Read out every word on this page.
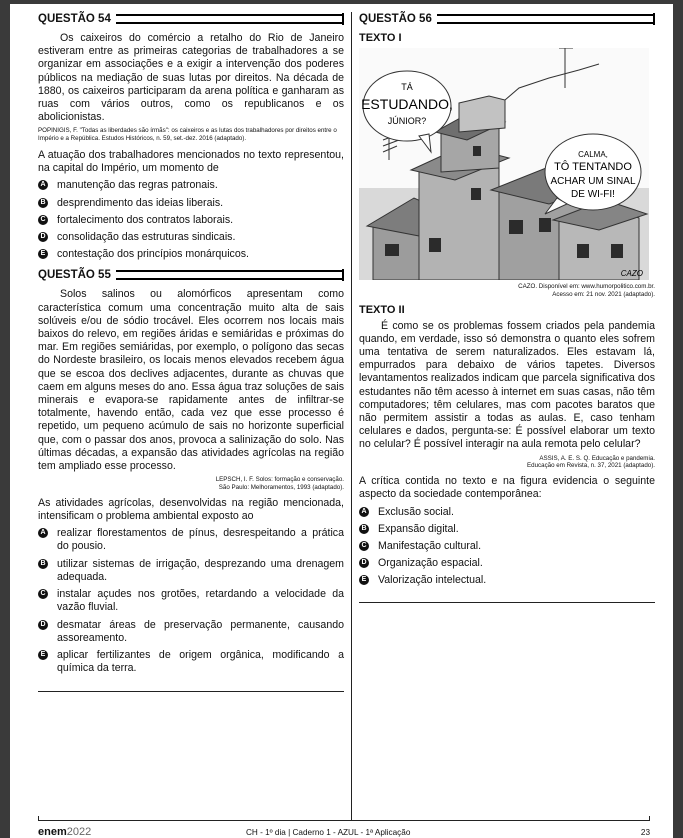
QUESTÃO 54

Os caixeiros do comércio a retalho do Rio de Janeiro estiveram entre as primeiras categorias de trabalhadores a se organizar em associações e a exigir a intervenção dos poderes públicos na mediação de suas lutas por direitos. Na década de 1880, os caixeiros participaram da arena política e ganharam as ruas com vários outros, como os republicanos e os abolicionistas.

POPINIGIS, F. "Todas as liberdades são írmãs": os caixeiros e as lutas dos trabalhadores por direitos entre o Império e a República. Estudos Históricos, n. 59, set.-dez. 2016 (adaptado).

A atuação dos trabalhadores mencionados no texto representou, na capital do Império, um momento de

A manutenção das regras patronais.
B desprendimento das ideias liberais.
C fortalecimento dos contratos laborais.
D consolidação das estruturas sindicais.
E contestação dos princípios monárquicos.
QUESTÃO 55

Solos salinos ou alomórficos apresentam como característica comum uma concentração muito alta de sais solúveis e/ou de sódio trocável. Eles ocorrem nos locais mais baixos do relevo, em regiões áridas e semiáridas e próximas do mar. Em regiões semiáridas, por exemplo, o polígono das secas do Nordeste brasileiro, os locais menos elevados recebem água que se escoa dos declives adjacentes, durante as chuvas que caem em alguns meses do ano. Essa água traz soluções de sais minerais e evapora-se rapidamente antes de infiltrar-se totalmente, havendo então, cada vez que esse processo é repetido, um pequeno acúmulo de sais no horizonte superficial que, com o passar dos anos, provoca a salinização do solo. Nas últimas décadas, a expansão das atividades agrícolas na região tem ampliado esse processo.

LEPSCH, I. F. Solos: formação e conservação.
São Paulo: Melhoramentos, 1993 (adaptado).

As atividades agrícolas, desenvolvidas na região mencionada, intensificam o problema ambiental exposto ao

A realizar florestamentos de pínus, desrespeitando a prática do pousio.
B utilizar sistemas de irrigação, desprezando uma drenagem adequada.
C instalar açudes nos grotões, retardando a velocidade da vazão fluvial.
D desmatar áreas de preservação permanente, causando assoreamento.
E aplicar fertilizantes de origem orgânica, modificando a química da terra.
QUESTÃO 56
TEXTO I
TÁ
ESTUDANDO,
JÚNIOR?
CALMA,
TÔ TENTANDO
ACHAR UM SINAL
DE WI-FI!
CAZO
CAZO. Disponível em: www.humorpolitico.com.br.
Acesso em: 21 nov. 2021 (adaptado).
TEXTO II

É como se os problemas fossem criados pela pandemia quando, em verdade, isso só demonstra o quanto eles sofrem uma tentativa de serem naturalizados. Eles estavam lá, empurrados para debaixo de vários tapetes. Diversos levantamentos realizados indicam que parcela significativa dos estudantes não têm acesso à internet em suas casas, não têm computadores; têm celulares, mas com pacotes baratos que não permitem assistir a todas as aulas. E, caso tenham celulares e dados, pergunta-se: É possível elaborar um texto no celular? É possível interagir na aula remota pelo celular?

ASSIS, A. E. S. Q. Educação e pandemia.
Educação em Revista, n. 37, 2021 (adaptado).

A crítica contida no texto e na figura evidencia o seguinte aspecto da sociedade contemporânea:

A Exclusão social.
B Expansão digital.
C Manifestação cultural.
D Organização espacial.
E Valorização intelectual.
enem2022	CH - 1º dia | Caderno 1 - AZUL - 1ª Aplicação	23
